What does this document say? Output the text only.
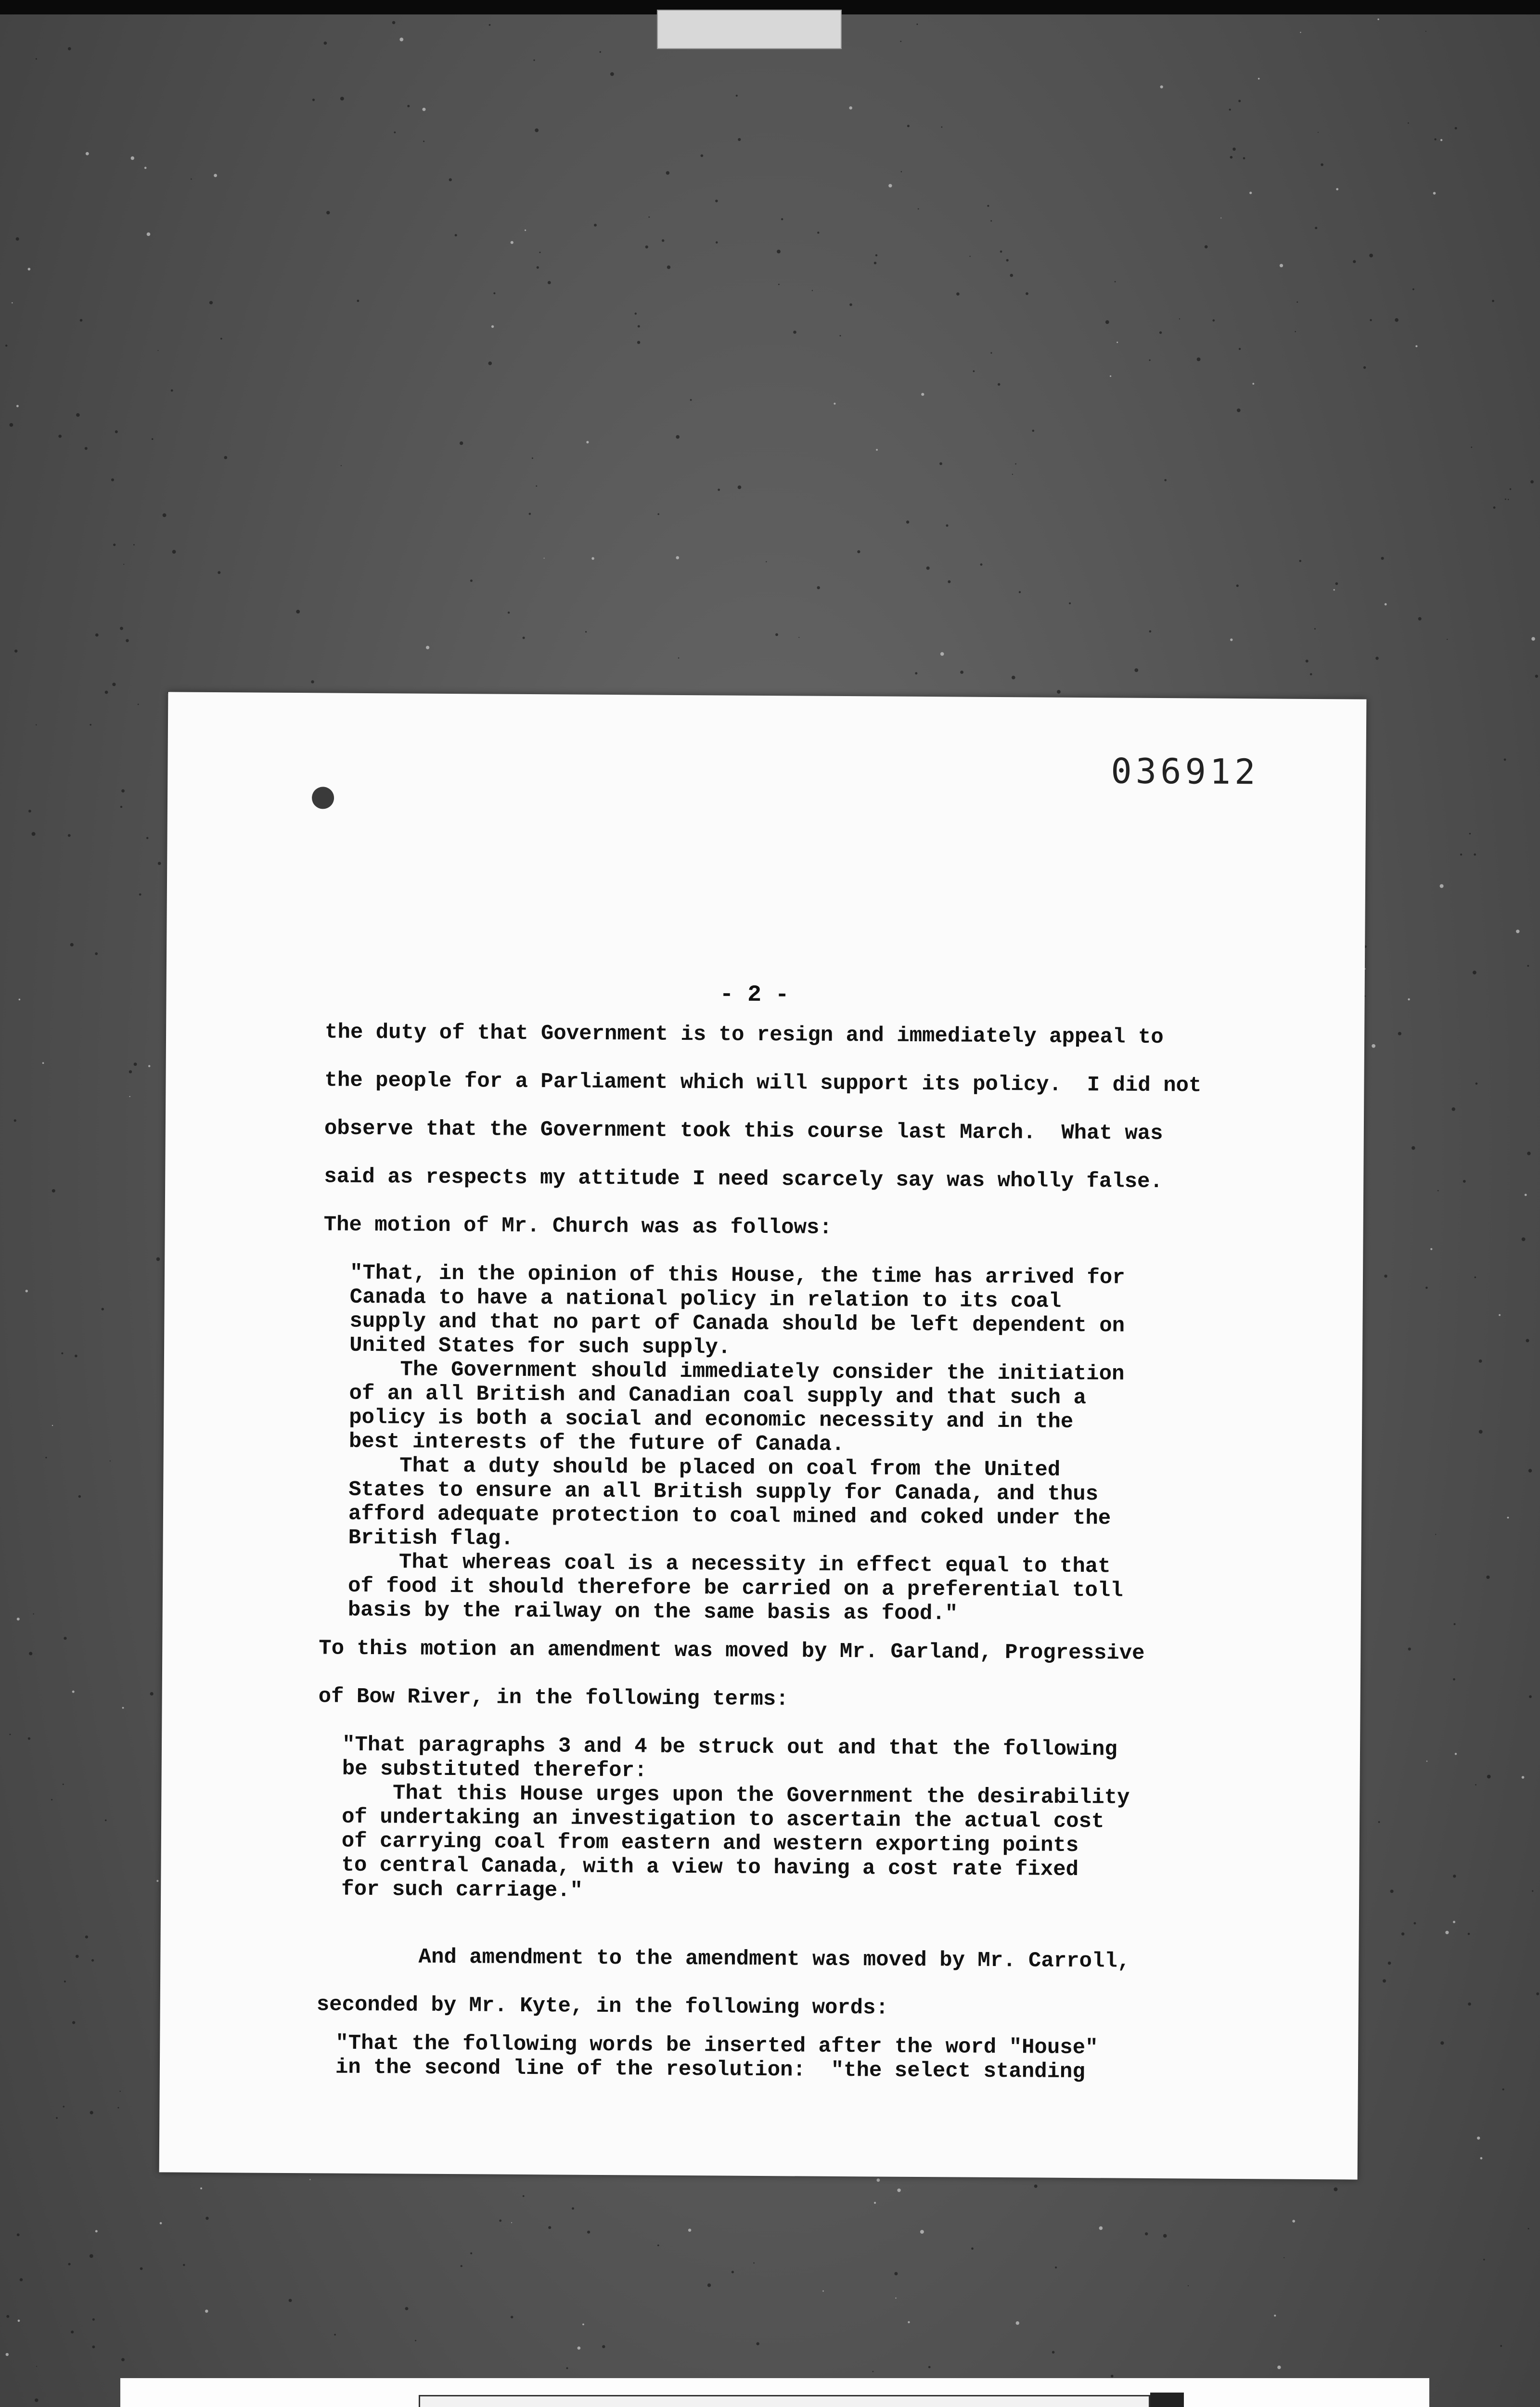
036912
- 2 -
the duty of that Government is to resign and immediately appeal to
the people for a Parliament which will support its policy.  I did not
observe that the Government took this course last March.  What was
said as respects my attitude I need scarcely say was wholly false.
The motion of Mr. Church was as follows:
"That, in the opinion of this House, the time has arrived for
Canada to have a national policy in relation to its coal
supply and that no part of Canada should be left dependent on
United States for such supply.
The Government should immediately consider the initiation
of an all British and Canadian coal supply and that such a
policy is both a social and economic necessity and in the
best interests of the future of Canada.
That a duty should be placed on coal from the United
States to ensure an all British supply for Canada, and thus
afford adequate protection to coal mined and coked under the
British flag.
That whereas coal is a necessity in effect equal to that
of food it should therefore be carried on a preferential toll
basis by the railway on the same basis as food."
To this motion an amendment was moved by Mr. Garland, Progressive
of Bow River, in the following terms:
"That paragraphs 3 and 4 be struck out and that the following
be substituted therefor:
That this House urges upon the Government the desirability
of undertaking an investigation to ascertain the actual cost
of carrying coal from eastern and western exporting points
to central Canada, with a view to having a cost rate fixed
for such carriage."
And amendment to the amendment was moved by Mr. Carroll,
seconded by Mr. Kyte, in the following words:
"That the following words be inserted after the word "House"
in the second line of the resolution:  "the select standing
